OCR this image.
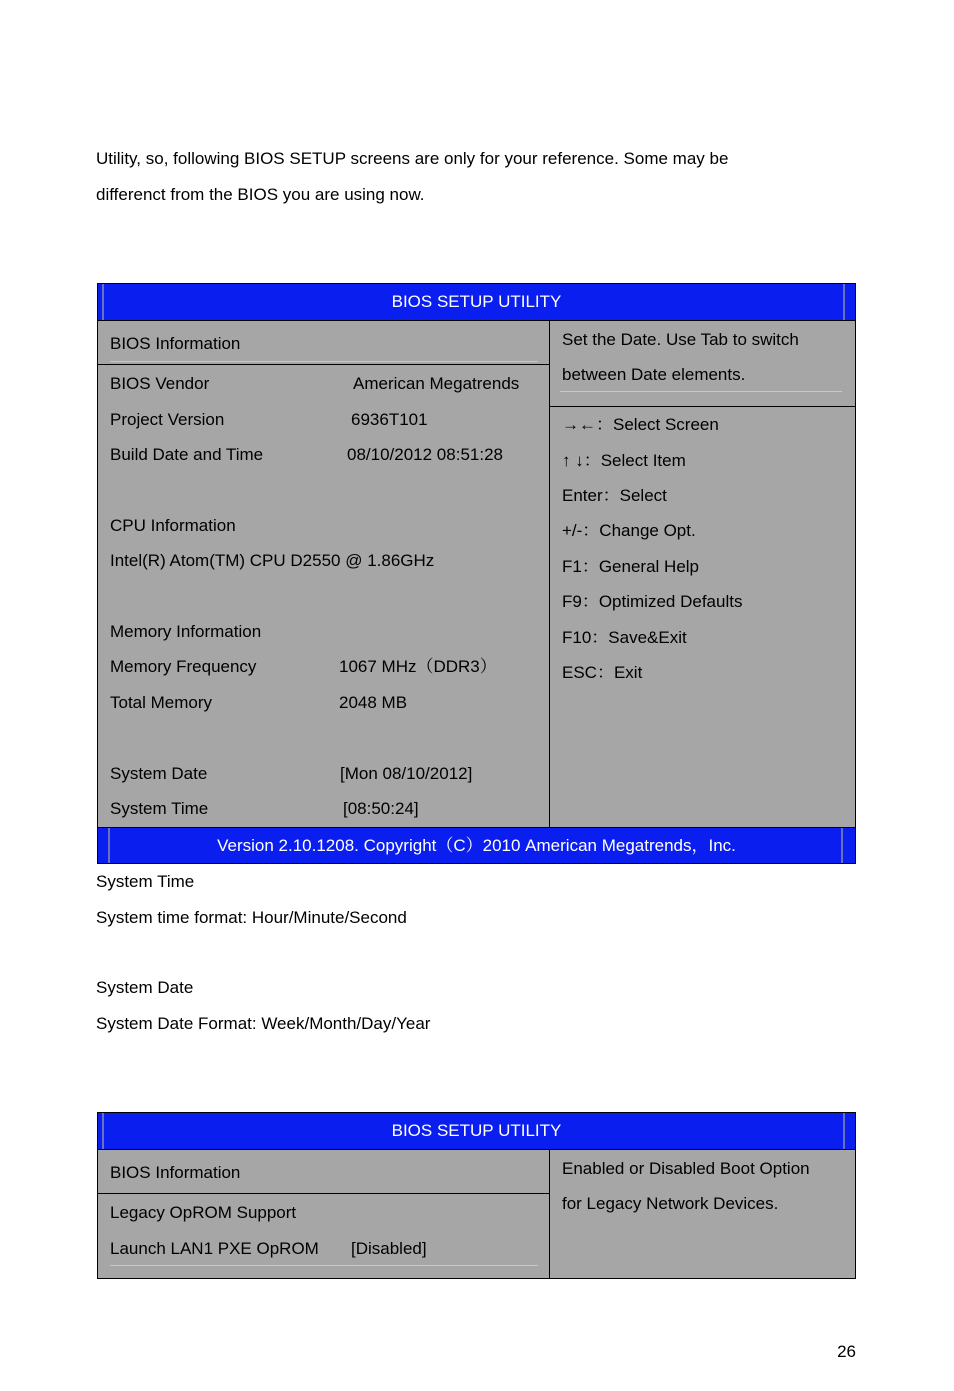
Utility, so, following BIOS SETUP screens are only for your reference. Some may be
differenct from the BIOS you are using now.
BIOS SETUP UTILITY
BIOS Information
BIOS Vendor	American Megatrends
Project Version	6936T101
Build Date and Time	08/10/2012 08:51:28
CPU Information
Intel(R) Atom(TM) CPU D2550 @ 1.86GHz
Memory Information
Memory Frequency	1067 MHz（DDR3）
Total Memory	2048 MB
System Date	[Mon 08/10/2012]
System Time	[08:50:24]
Set the Date. Use Tab to switch
between Date elements.
→←：Select Screen
↑ ↓：Select Item
Enter：Select
+/-：Change Opt.
F1：General Help
F9：Optimized Defaults
F10：Save&Exit
ESC：Exit
Version 2.10.1208. Copyright（C）2010 American Megatrends，Inc.
System Time
System time format: Hour/Minute/Second
System Date
System Date Format: Week/Month/Day/Year
BIOS SETUP UTILITY
BIOS Information
Legacy OpROM Support
Launch LAN1 PXE OpROM [Disabled]
Enabled or Disabled Boot Option
for Legacy Network Devices.
26
